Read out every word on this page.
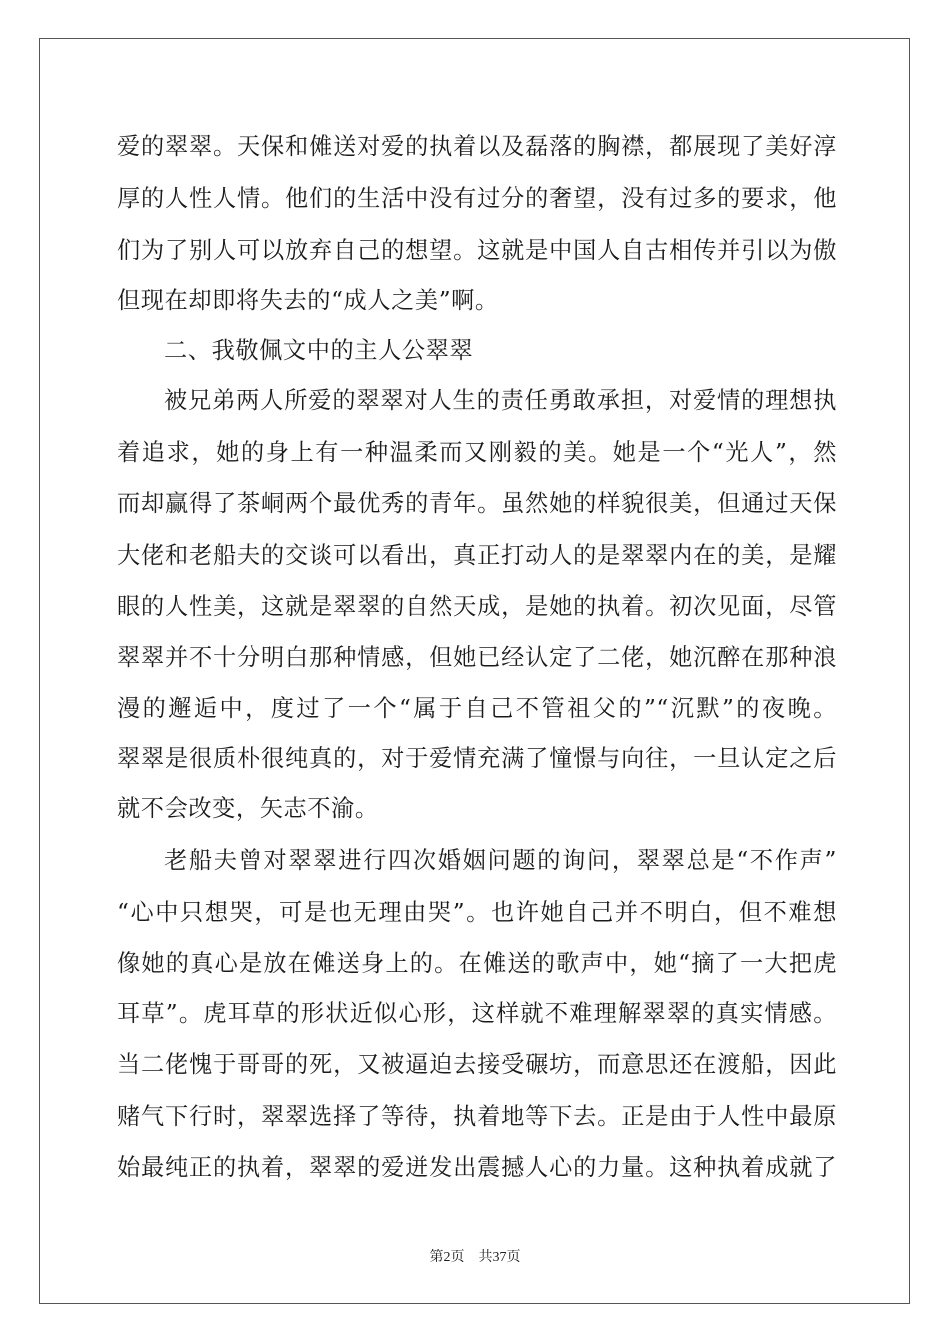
爱的翠翠。天保和傩送对爱的执着以及磊落的胸襟，都展现了美好淳
厚的人性人情。他们的生活中没有过分的奢望，没有过多的要求，他
们为了别人可以放弃自己的想望。这就是中国人自古相传并引以为傲
但现在却即将失去的“成人之美”啊。
二、我敬佩文中的主人公翠翠
被兄弟两人所爱的翠翠对人生的责任勇敢承担，对爱情的理想执
着追求，她的身上有一种温柔而又刚毅的美。她是一个“光人”，然
而却赢得了茶峒两个最优秀的青年。虽然她的样貌很美，但通过天保
大佬和老船夫的交谈可以看出，真正打动人的是翠翠内在的美，是耀
眼的人性美，这就是翠翠的自然天成，是她的执着。初次见面，尽管
翠翠并不十分明白那种情感，但她已经认定了二佬，她沉醉在那种浪
漫的邂逅中，度过了一个“属于自己不管祖父的”“沉默”的夜晚。
翠翠是很质朴很纯真的，对于爱情充满了憧憬与向往，一旦认定之后
就不会改变，矢志不渝。
老船夫曾对翠翠进行四次婚姻问题的询问，翠翠总是“不作声”
“心中只想哭，可是也无理由哭”。也许她自己并不明白，但不难想
像她的真心是放在傩送身上的。在傩送的歌声中，她“摘了一大把虎
耳草”。虎耳草的形状近似心形，这样就不难理解翠翠的真实情感。
当二佬愧于哥哥的死，又被逼迫去接受碾坊，而意思还在渡船，因此
赌气下行时，翠翠选择了等待，执着地等下去。正是由于人性中最原
始最纯正的执着，翠翠的爱迸发出震撼人心的力量。这种执着成就了
第2页 共37页
